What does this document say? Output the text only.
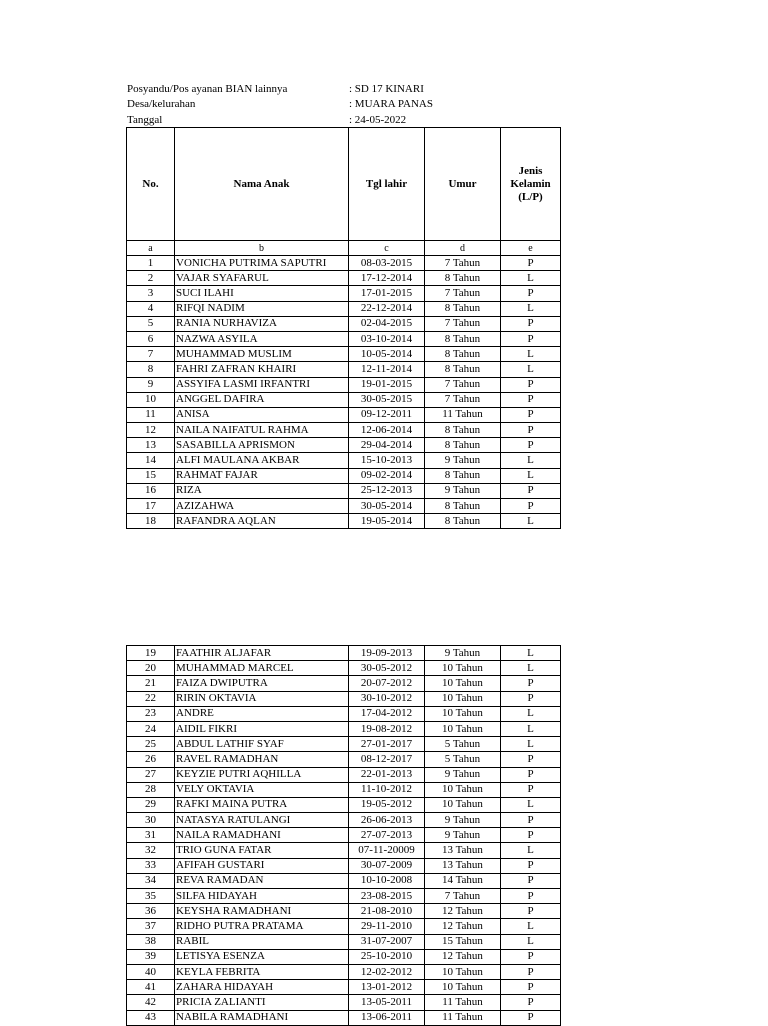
Posyandu/Pos ayanan BIAN lainnya	: SD 17 KINARI
Desa/kelurahan	: MUARA PANAS
Tanggal	: 24-05-2022
No.	Nama Anak	Tgl lahir	Umur	Jenis Kelamin (L/P)
a	b	c	d	e
1	VONICHA PUTRIMA SAPUTRI	08-03-2015	7 Tahun	P
2	VAJAR SYAFARUL	17-12-2014	8 Tahun	L
3	SUCI ILAHI	17-01-2015	7 Tahun	P
4	RIFQI NADIM	22-12-2014	8 Tahun	L
5	RANIA NURHAVIZA	02-04-2015	7 Tahun	P
6	NAZWA ASYILA	03-10-2014	8 Tahun	P
7	MUHAMMAD MUSLIM	10-05-2014	8 Tahun	L
8	FAHRI ZAFRAN KHAIRI	12-11-2014	8 Tahun	L
9	ASSYIFA LASMI IRFANTRI	19-01-2015	7 Tahun	P
10	ANGGEL DAFIRA	30-05-2015	7 Tahun	P
11	ANISA	09-12-2011	11 Tahun	P
12	NAILA NAIFATUL RAHMA	12-06-2014	8 Tahun	P
13	SASABILLA APRISMON	29-04-2014	8 Tahun	P
14	ALFI MAULANA AKBAR	15-10-2013	9 Tahun	L
15	RAHMAT FAJAR	09-02-2014	8 Tahun	L
16	RIZA	25-12-2013	9 Tahun	P
17	AZIZAHWA	30-05-2014	8 Tahun	P
18	RAFANDRA AQLAN	19-05-2014	8 Tahun	L
19	FAATHIR ALJAFAR	19-09-2013	9 Tahun	L
20	MUHAMMAD MARCEL	30-05-2012	10 Tahun	L
21	FAIZA DWIPUTRA	20-07-2012	10 Tahun	P
22	RIRIN OKTAVIA	30-10-2012	10 Tahun	P
23	ANDRE	17-04-2012	10 Tahun	L
24	AIDIL FIKRI	19-08-2012	10 Tahun	L
25	ABDUL LATHIF SYAF	27-01-2017	5 Tahun	L
26	RAVEL RAMADHAN	08-12-2017	5 Tahun	P
27	KEYZIE PUTRI AQHILLA	22-01-2013	9 Tahun	P
28	VELY OKTAVIA	11-10-2012	10 Tahun	P
29	RAFKI MAINA PUTRA	19-05-2012	10 Tahun	L
30	NATASYA RATULANGI	26-06-2013	9 Tahun	P
31	NAILA RAMADHANI	27-07-2013	9 Tahun	P
32	TRIO GUNA FATAR	07-11-20009	13 Tahun	L
33	AFIFAH GUSTARI	30-07-2009	13 Tahun	P
34	REVA RAMADAN	10-10-2008	14 Tahun	P
35	SILFA HIDAYAH	23-08-2015	7 Tahun	P
36	KEYSHA RAMADHANI	21-08-2010	12 Tahun	P
37	RIDHO PUTRA PRATAMA	29-11-2010	12 Tahun	L
38	RABIL	31-07-2007	15 Tahun	L
39	LETISYA ESENZA	25-10-2010	12 Tahun	P
40	KEYLA FEBRITA	12-02-2012	10 Tahun	P
41	ZAHARA HIDAYAH	13-01-2012	10 Tahun	P
42	PRICIA ZALIANTI	13-05-2011	11 Tahun	P
43	NABILA RAMADHANI	13-06-2011	11 Tahun	P
